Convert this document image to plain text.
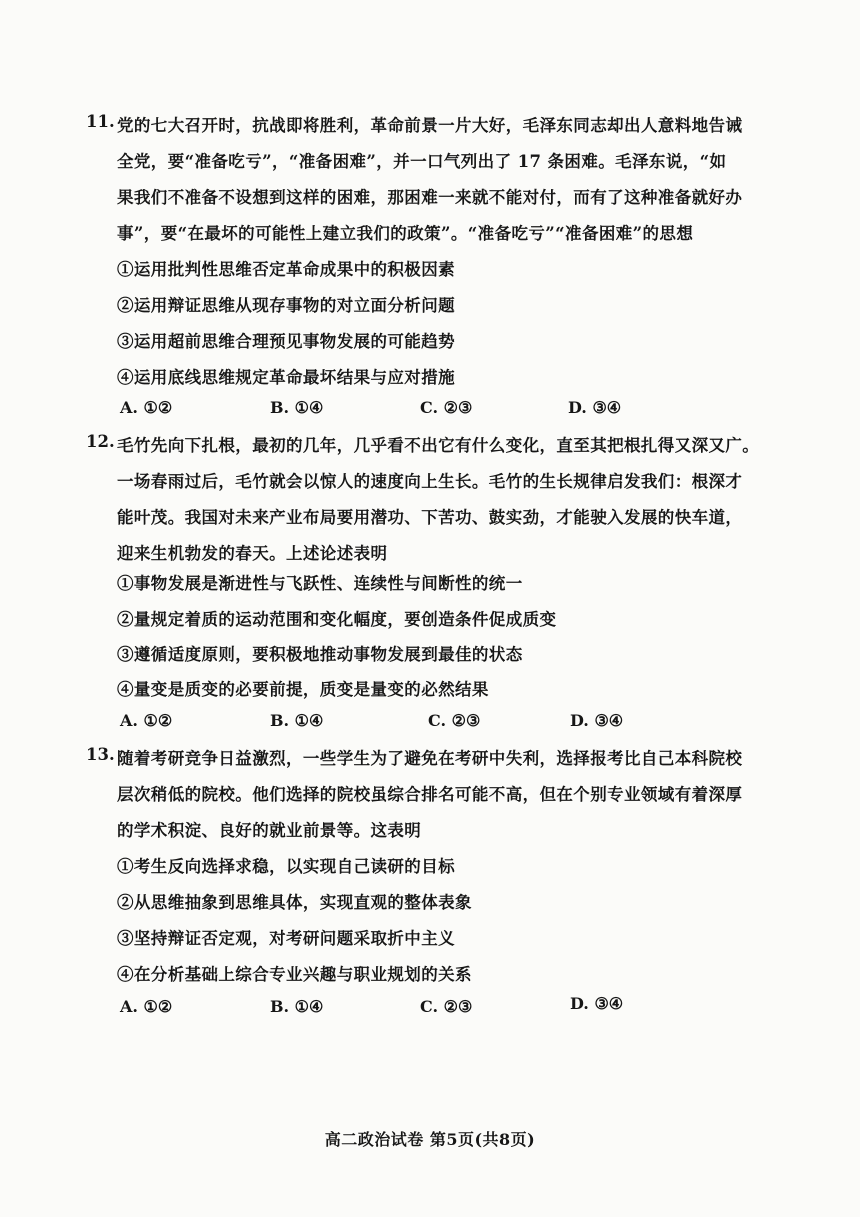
11. 党的七大召开时，抗战即将胜利，革命前景一片大好，毛泽东同志却出人意料地告诫
全党，要“准备吃亏”，“准备困难”，并一口气列出了 17 条困难。毛泽东说，“如
果我们不准备不设想到这样的困难，那困难一来就不能对付，而有了这种准备就好办
事”，要“在最坏的可能性上建立我们的政策”。“准备吃亏”“准备困难”的思想
①运用批判性思维否定革命成果中的积极因素
②运用辩证思维从现存事物的对立面分析问题
③运用超前思维合理预见事物发展的可能趋势
④运用底线思维规定革命最坏结果与应对措施
A. ①②	B. ①④	C. ②③	D. ③④
12. 毛竹先向下扎根，最初的几年，几乎看不出它有什么变化，直至其把根扎得又深又广。
一场春雨过后，毛竹就会以惊人的速度向上生长。毛竹的生长规律启发我们：根深才
能叶茂。我国对未来产业布局要用潜功、下苦功、鼓实劲，才能驶入发展的快车道，
迎来生机勃发的春天。上述论述表明
①事物发展是渐进性与飞跃性、连续性与间断性的统一
②量规定着质的运动范围和变化幅度，要创造条件促成质变
③遵循适度原则，要积极地推动事物发展到最佳的状态
④量变是质变的必要前提，质变是量变的必然结果
A. ①②	B. ①④	C. ②③	D. ③④
13. 随着考研竞争日益激烈，一些学生为了避免在考研中失利，选择报考比自己本科院校
层次稍低的院校。他们选择的院校虽综合排名可能不高，但在个别专业领域有着深厚
的学术积淀、良好的就业前景等。这表明
①考生反向选择求稳，以实现自己读研的目标
②从思维抽象到思维具体，实现直观的整体表象
③坚持辩证否定观，对考研问题采取折中主义
④在分析基础上综合专业兴趣与职业规划的关系
A. ①②	B. ①④	C. ②③	D. ③④
高二政治试卷 第5页(共8页)
